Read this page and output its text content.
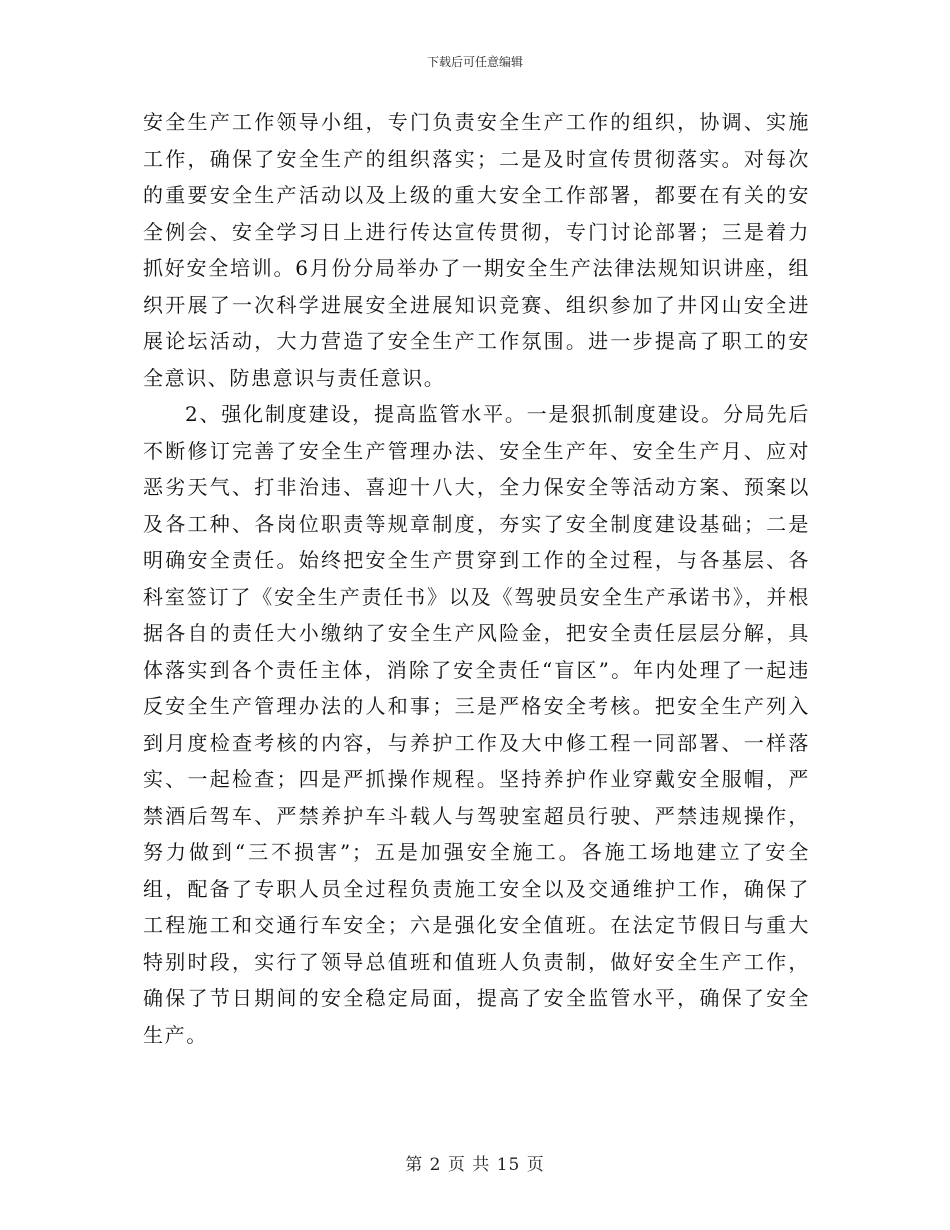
下载后可任意编辑

安全生产工作领导小组，专门负责安全生产工作的组织，协调、实施工作，确保了安全生产的组织落实；二是及时宣传贯彻落实。对每次的重要安全生产活动以及上级的重大安全工作部署，都要在有关的安全例会、安全学习日上进行传达宣传贯彻，专门讨论部署；三是着力抓好安全培训。6月份分局举办了一期安全生产法律法规知识讲座，组织开展了一次科学进展安全进展知识竞赛、组织参加了井冈山安全进展论坛活动，大力营造了安全生产工作氛围。进一步提高了职工的安全意识、防患意识与责任意识。

2、强化制度建设，提高监管水平。一是狠抓制度建设。分局先后不断修订完善了安全生产管理办法、安全生产年、安全生产月、应对恶劣天气、打非治违、喜迎十八大，全力保安全等活动方案、预案以及各工种、各岗位职责等规章制度，夯实了安全制度建设基础；二是明确安全责任。始终把安全生产贯穿到工作的全过程，与各基层、各科室签订了《安全生产责任书》以及《驾驶员安全生产承诺书》，并根据各自的责任大小缴纳了安全生产风险金，把安全责任层层分解，具体落实到各个责任主体，消除了安全责任“盲区”。年内处理了一起违反安全生产管理办法的人和事；三是严格安全考核。把安全生产列入到月度检查考核的内容，与养护工作及大中修工程一同部署、一样落实、一起检查；四是严抓操作规程。坚持养护作业穿戴安全服帽，严禁酒后驾车、严禁养护车斗载人与驾驶室超员行驶、严禁违规操作，努力做到“三不损害”；五是加强安全施工。各施工场地建立了安全组，配备了专职人员全过程负责施工安全以及交通维护工作，确保了工程施工和交通行车安全；六是强化安全值班。在法定节假日与重大特别时段，实行了领导总值班和值班人负责制，做好安全生产工作，确保了节日期间的安全稳定局面，提高了安全监管水平，确保了安全生产。

第 2 页 共 15 页
